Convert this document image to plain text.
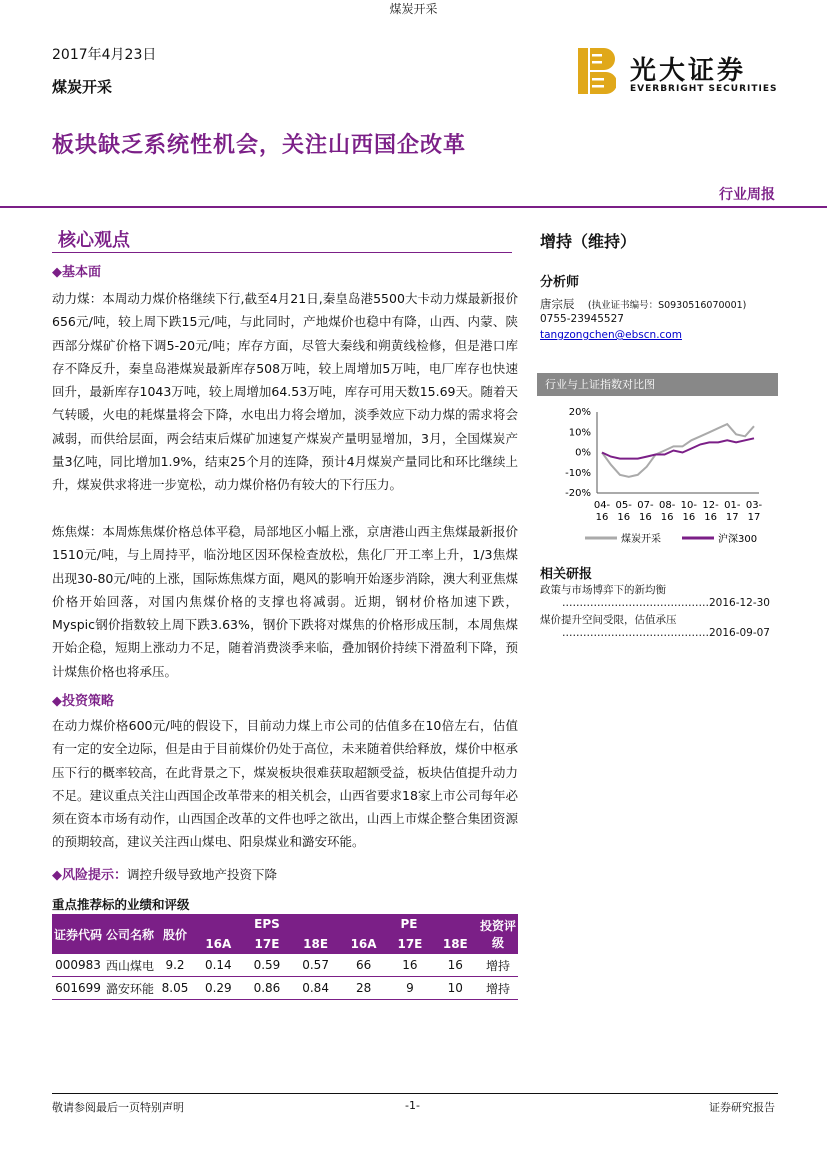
煤炭开采
2017年4月23日
煤炭开采
光大证券
EVERBRIGHT SECURITIES
板块缺乏系统性机会，关注山西国企改革
行业周报
核心观点
◆基本面
动力煤：本周动力煤价格继续下行,截至4月21日,秦皇岛港5500大卡动力煤最新报价656元/吨，较上周下跌15元/吨，与此同时，产地煤价也稳中有降，山西、内蒙、陕西部分煤矿价格下调5-20元/吨；库存方面，尽管大秦线和朔黄线检修，但是港口库存不降反升，秦皇岛港煤炭最新库存508万吨，较上周增加5万吨，电厂库存也快速回升，最新库存1043万吨，较上周增加64.53万吨，库存可用天数15.69天。随着天气转暖，火电的耗煤量将会下降，水电出力将会增加，淡季效应下动力煤的需求将会减弱，而供给层面，两会结束后煤矿加速复产煤炭产量明显增加，3月，全国煤炭产量3亿吨，同比增加1.9%，结束25个月的连降，预计4月煤炭产量同比和环比继续上升，煤炭供求将进一步宽松，动力煤价格仍有较大的下行压力。
炼焦煤：本周炼焦煤价格总体平稳，局部地区小幅上涨，京唐港山西主焦煤最新报价1510元/吨，与上周持平，临汾地区因环保检查放松，焦化厂开工率上升，1/3焦煤出现30-80元/吨的上涨，国际炼焦煤方面，飓风的影响开始逐步消除，澳大利亚焦煤价格开始回落，对国内焦煤价格的支撑也将减弱。近期，钢材价格加速下跌，Myspic钢价指数较上周下跌3.63%，钢价下跌将对煤焦的价格形成压制，本周焦煤开始企稳，短期上涨动力不足，随着消费淡季来临，叠加钢价持续下滑盈利下降，预计煤焦价格也将承压。
◆投资策略
在动力煤价格600元/吨的假设下，目前动力煤上市公司的估值多在10倍左右，估值有一定的安全边际，但是由于目前煤价仍处于高位，未来随着供给释放，煤价中枢承压下行的概率较高，在此背景之下，煤炭板块很难获取超额受益，板块估值提升动力不足。建议重点关注山西国企改革带来的相关机会，山西省要求18家上市公司每年必须在资本市场有动作，山西国企改革的文件也呼之欲出，山西上市煤企整合集团资源的预期较高，建议关注西山煤电、阳泉煤业和潞安环能。
◆风险提示：调控升级导致地产投资下降
增持（维持）
分析师
唐宗辰 (执业证书编号：S0930516070001)
0755-23945527
tangzongchen@ebscn.com
行业与上证指数对比图
20%
10%
0%
-10%
-20%
04-
16
05-
16
07-
16
08-
16
10-
16
12-
16
01-
17
03-
17
煤炭开采	沪深300
相关研报
政策与市场博弈下的新均衡
……………………………………2016-12-30
煤价提升空间受限，估值承压
……………………………………2016-09-07
重点推荐标的业绩和评级
证券代码	公司名称	股价	EPS			PE			投资评级
			16A	17E	18E	16A	17E	18E	
000983	西山煤电	9.2	0.14	0.59	0.57	66	16	16	增持
601699	潞安环能	8.05	0.29	0.86	0.84	28	9	10	增持
敬请参阅最后一页特别声明	-1-	证券研究报告
